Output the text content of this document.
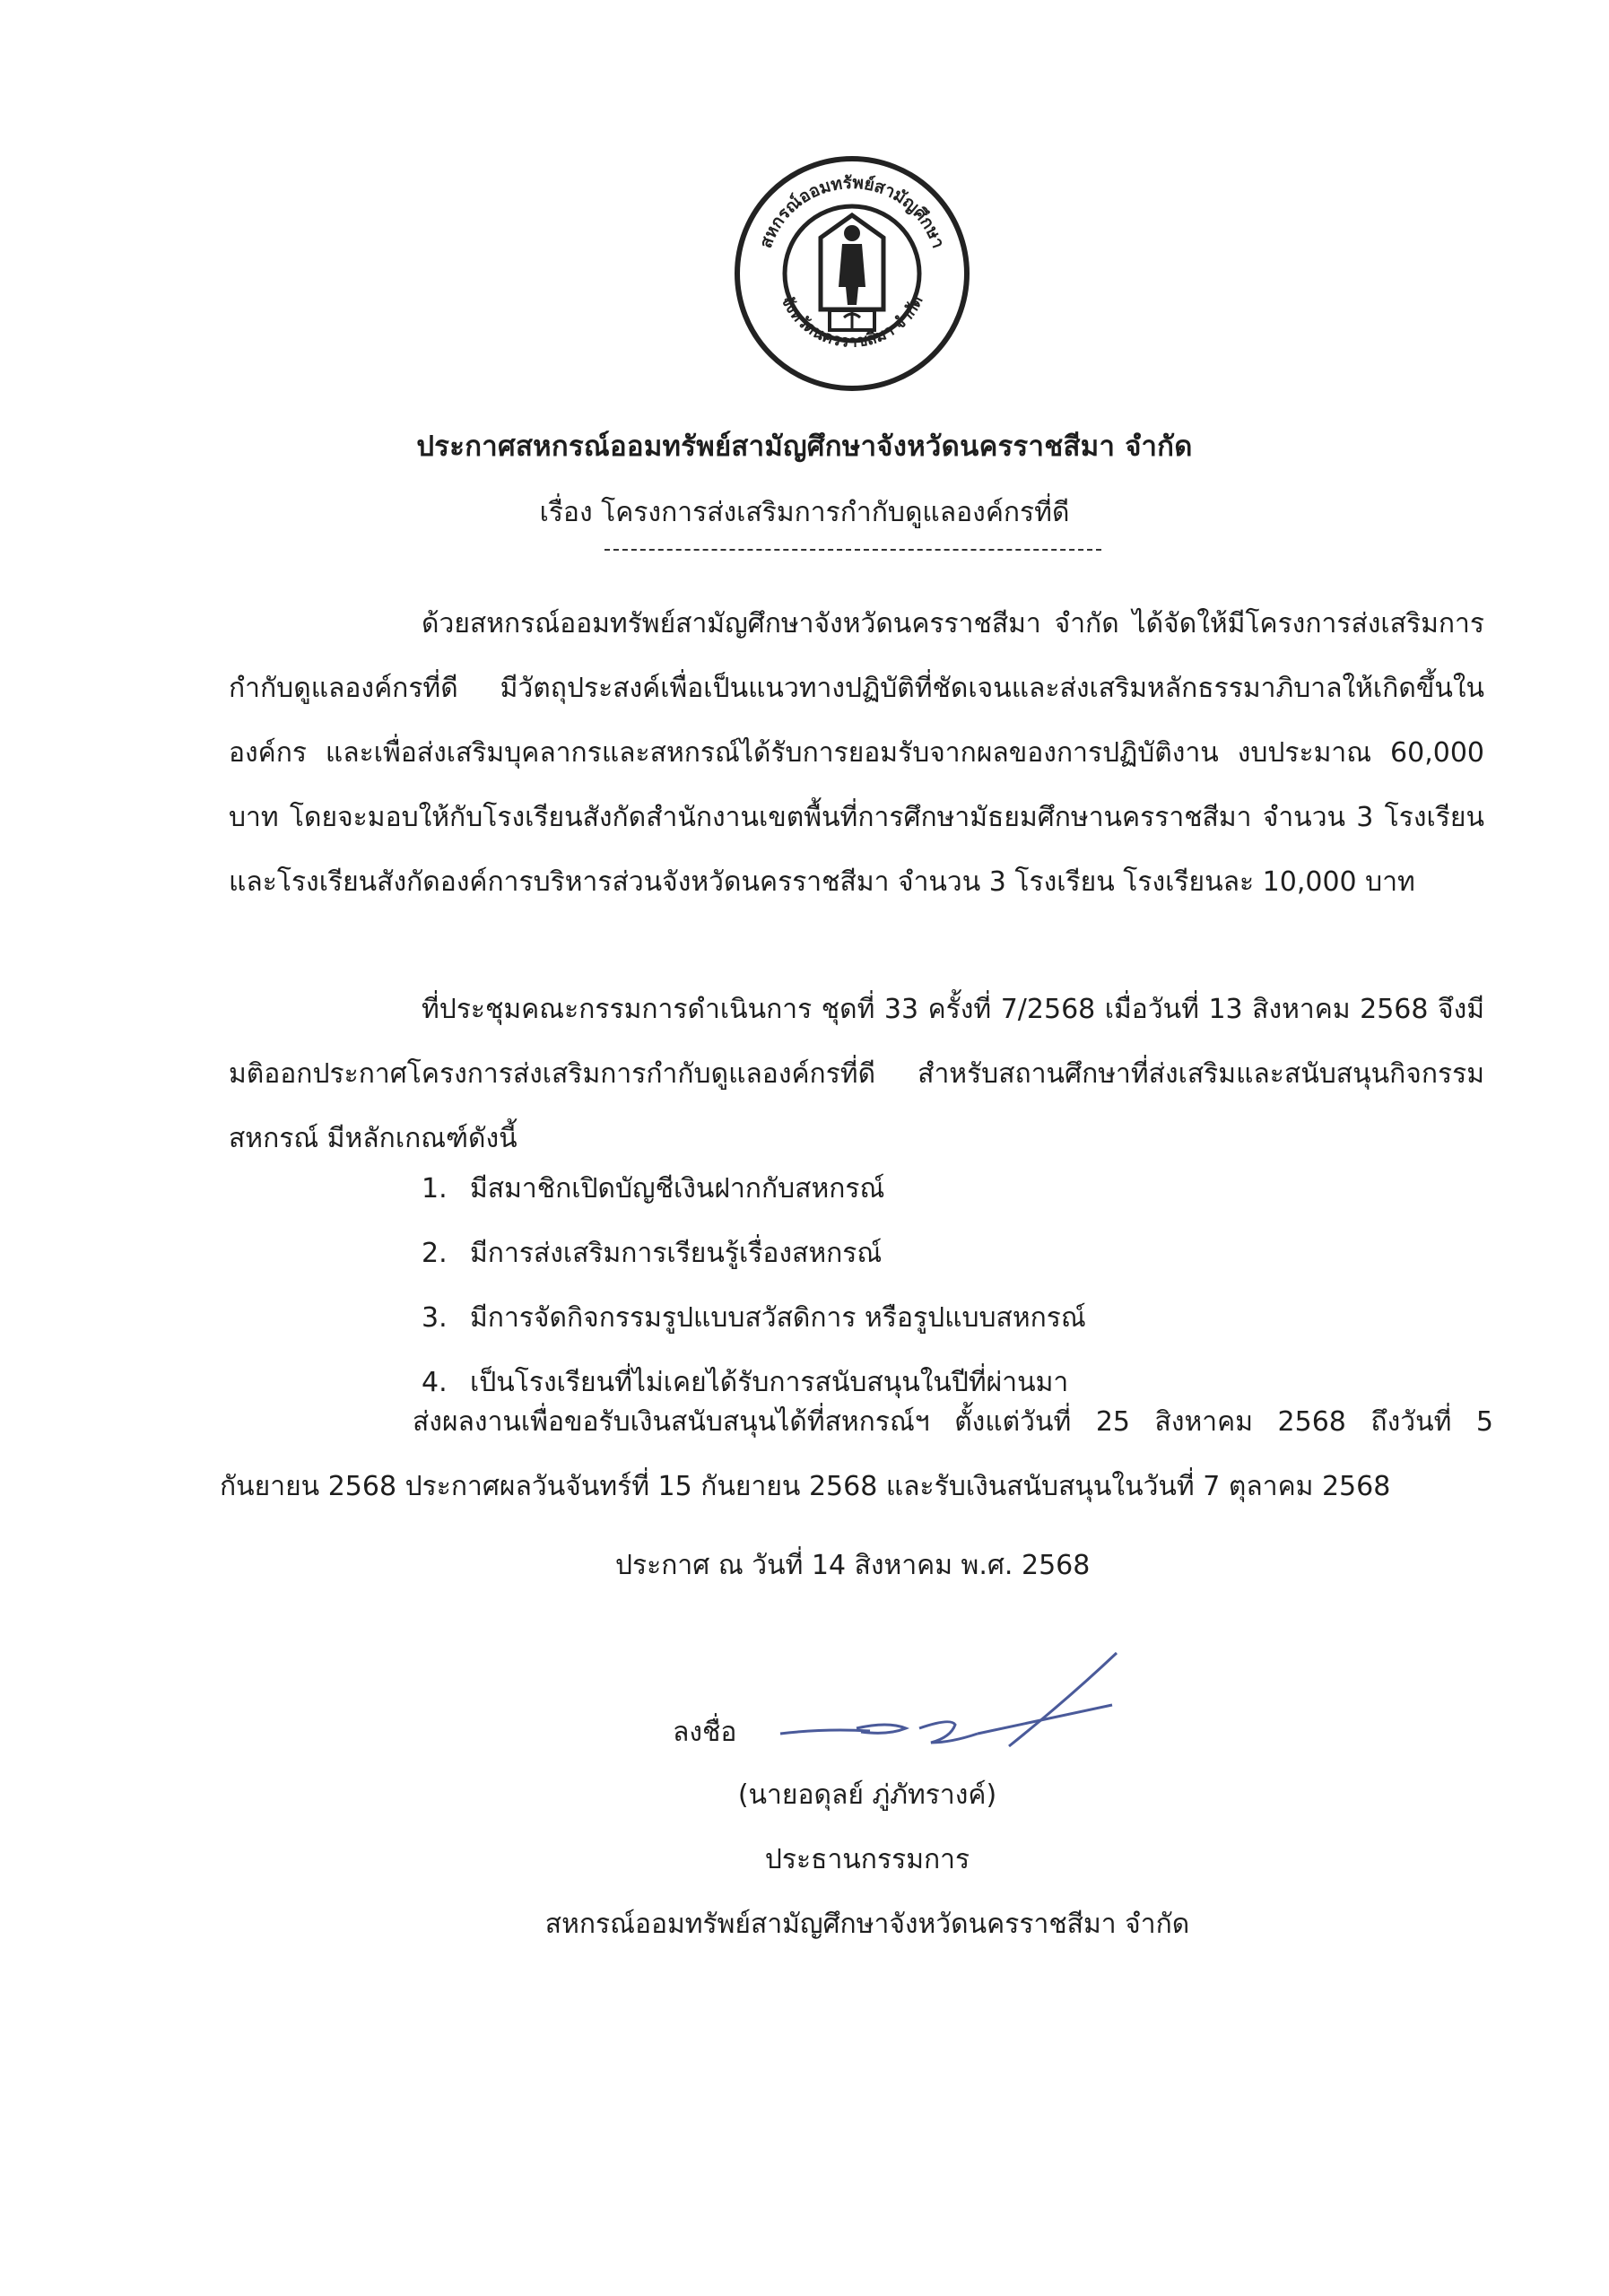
สหกรณ์ออมทรัพย์สามัญศึกษา
จังหวัดนครราชสีมา จำกัด
ประกาศสหกรณ์ออมทรัพย์สามัญศึกษาจังหวัดนครราชสีมา จำกัด
เรื่อง โครงการส่งเสริมการกำกับดูแลองค์กรที่ดี
ด้วยสหกรณ์ออมทรัพย์สามัญศึกษาจังหวัดนครราชสีมา จำกัด ได้จัดให้มีโครงการส่งเสริมการกำกับดูแลองค์กรที่ดี มีวัตถุประสงค์เพื่อเป็นแนวทางปฏิบัติที่ชัดเจนและส่งเสริมหลักธรรมาภิบาลให้เกิดขึ้นในองค์กร และเพื่อส่งเสริมบุคลากรและสหกรณ์ได้รับการยอมรับจากผลของการปฏิบัติงาน งบประมาณ 60,000 บาท โดยจะมอบให้กับโรงเรียนสังกัดสำนักงานเขตพื้นที่การศึกษามัธยมศึกษานครราชสีมา จำนวน 3 โรงเรียน และโรงเรียนสังกัดองค์การบริหารส่วนจังหวัดนครราชสีมา จำนวน 3 โรงเรียน โรงเรียนละ 10,000 บาท
ที่ประชุมคณะกรรมการดำเนินการ ชุดที่ 33 ครั้งที่ 7/2568 เมื่อวันที่ 13 สิงหาคม 2568 จึงมีมติออกประกาศโครงการส่งเสริมการกำกับดูแลองค์กรที่ดี สำหรับสถานศึกษาที่ส่งเสริมและสนับสนุนกิจกรรมสหกรณ์ มีหลักเกณฑ์ดังนี้
1. มีสมาชิกเปิดบัญชีเงินฝากกับสหกรณ์
2. มีการส่งเสริมการเรียนรู้เรื่องสหกรณ์
3. มีการจัดกิจกรรมรูปแบบสวัสดิการ หรือรูปแบบสหกรณ์
4. เป็นโรงเรียนที่ไม่เคยได้รับการสนับสนุนในปีที่ผ่านมา
ส่งผลงานเพื่อขอรับเงินสนับสนุนได้ที่สหกรณ์ฯ ตั้งแต่วันที่ 25 สิงหาคม 2568 ถึงวันที่ 5 กันยายน 2568 ประกาศผลวันจันทร์ที่ 15 กันยายน 2568 และรับเงินสนับสนุนในวันที่ 7 ตุลาคม 2568
ประกาศ ณ วันที่ 14 สิงหาคม พ.ศ. 2568
ลงชื่อ
(นายอดุลย์ ภู่ภัทรางค์)
ประธานกรรมการ
สหกรณ์ออมทรัพย์สามัญศึกษาจังหวัดนครราชสีมา จำกัด
